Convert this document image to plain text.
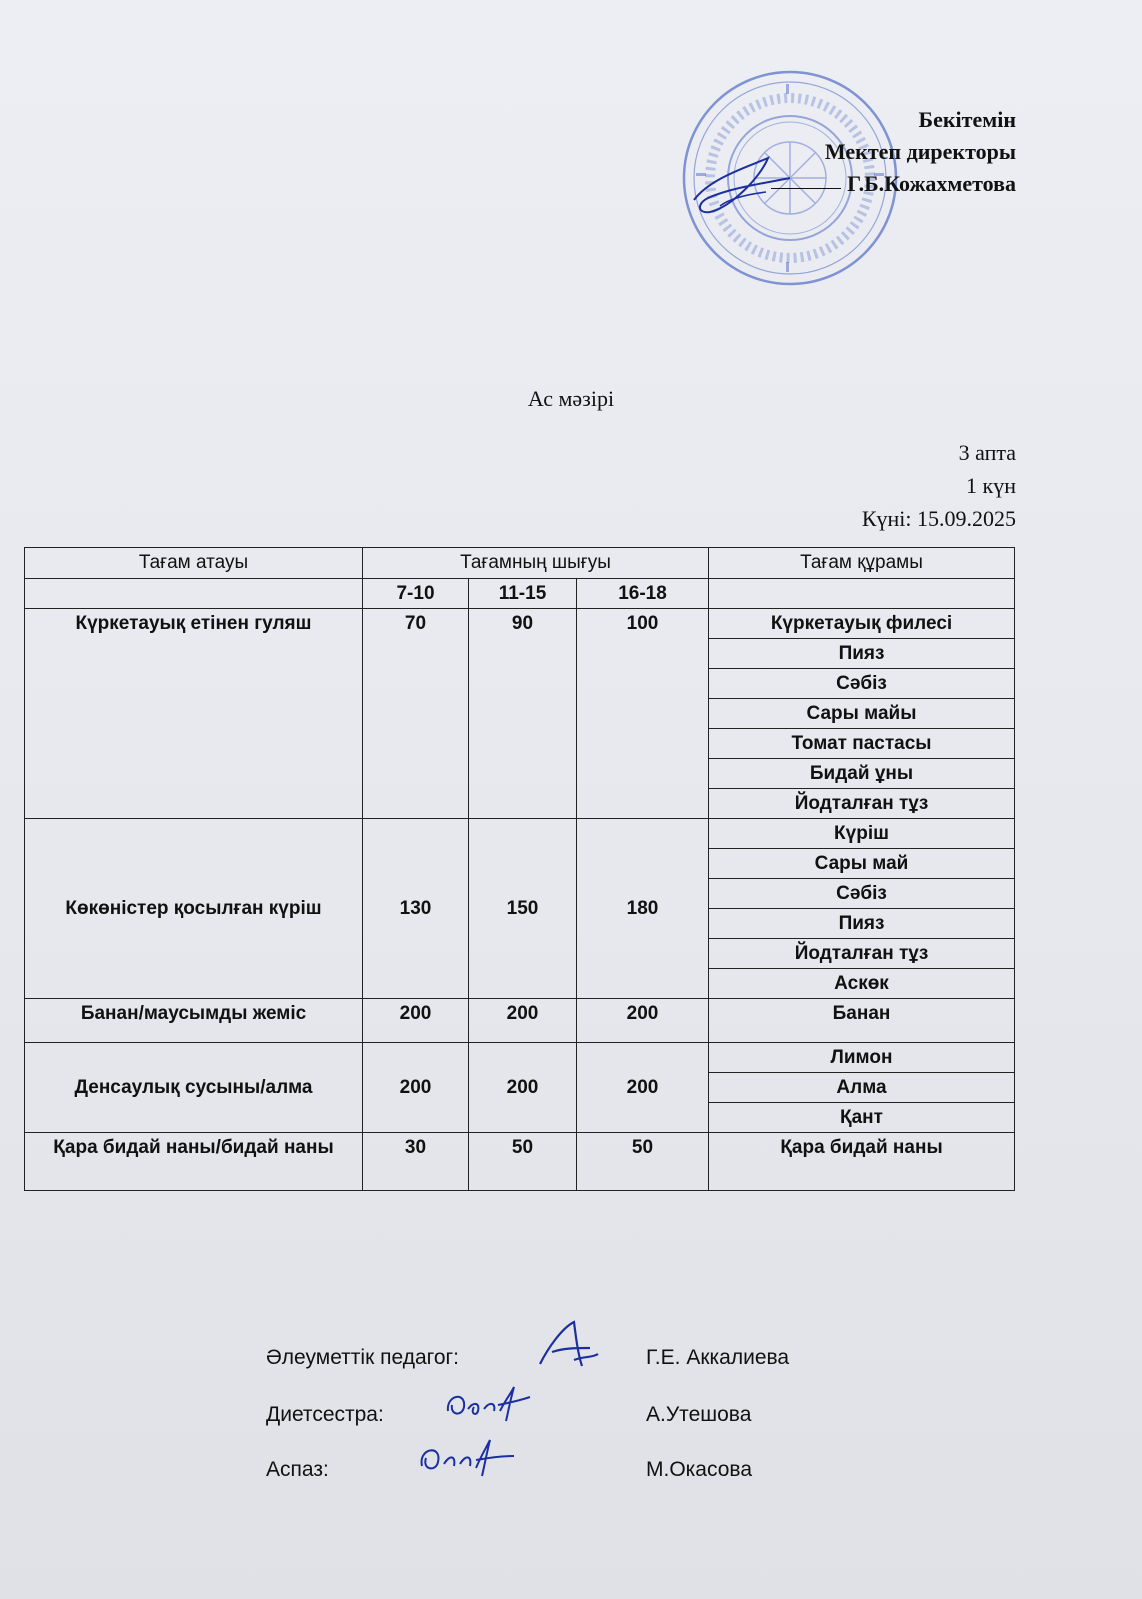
Бекітемін
Мектеп директоры
Г.Б.Кожахметова
Ас мәзірі
3 апта
1 күн
Күні: 15.09.2025
Тағам атауы	Тағамның шығуы			Тағам құрамы
	7-10	11-15	16-18	
Күркетауық етінен гуляш	70	90	100	Күркетауық филесі
				Пияз
				Сәбіз
				Сары майы
				Томат пастасы
				Бидай ұны
				Йодталған тұз
Көкөністер қосылған күріш	130	150	180	Күріш
				Сары май
				Сәбіз
				Пияз
				Йодталған тұз
				Аскөк
Банан/маусымды жеміс	200	200	200	Банан
Денсаулық сусыны/алма	200	200	200	Лимон
				Алма
				Қант
Қара бидай наны/бидай наны	30	50	50	Қара бидай наны
Әлеуметтік педагог:	Г.Е. Аккалиева
Диетсестра:	А.Утешова
Аспаз:	М.Окасова
